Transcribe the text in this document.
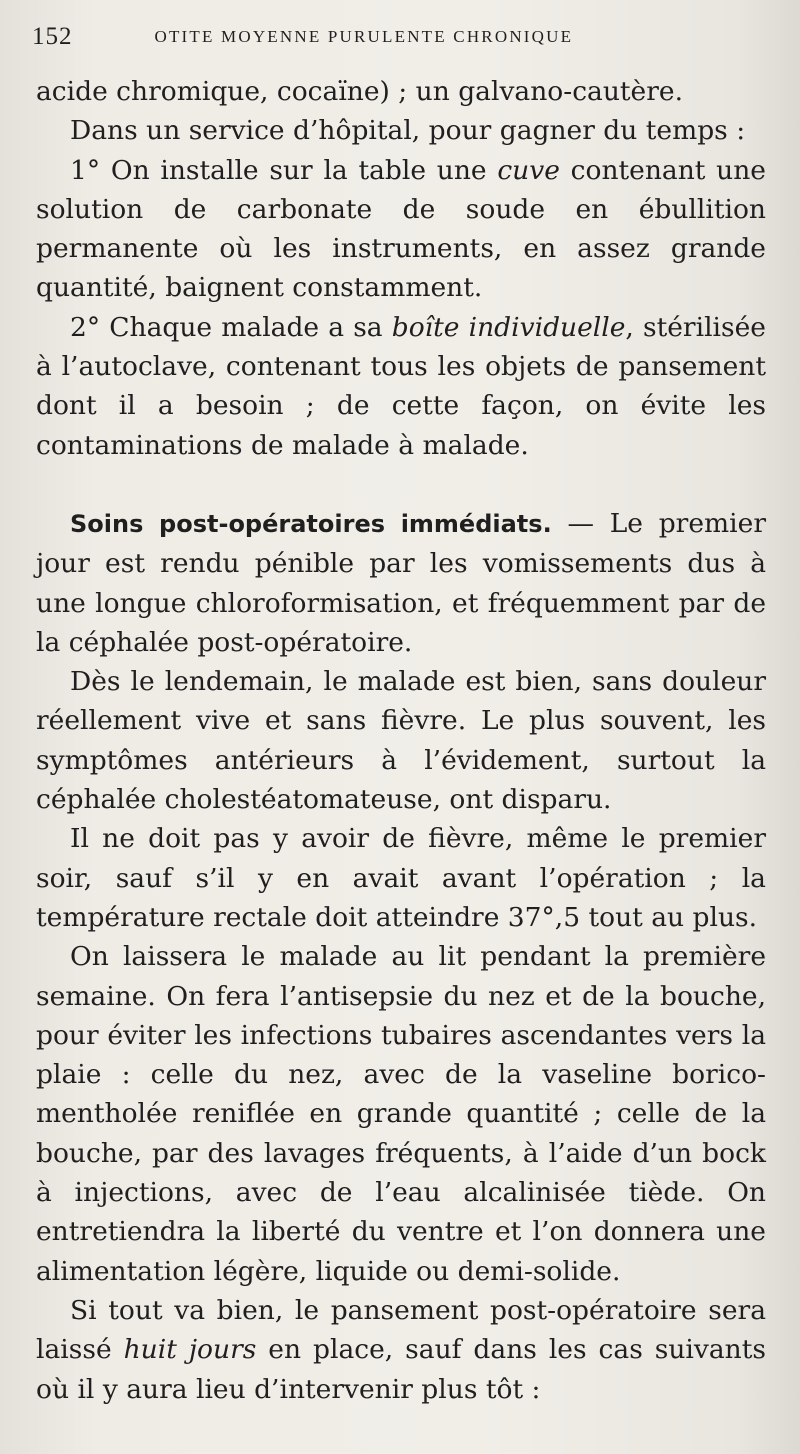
152	OTITE MOYENNE PURULENTE CHRONIQUE

acide chromique, cocaïne) ; un galvano-cautère.

Dans un service d’hôpital, pour gagner du temps :

1° On installe sur la table une cuve contenant une solution de carbonate de soude en ébullition permanente où les instruments, en assez grande quantité, baignent constamment.

2° Chaque malade a sa boîte individuelle, stérilisée à l’autoclave, contenant tous les objets de pansement dont il a besoin ; de cette façon, on évite les contaminations de malade à malade.

Soins post-opératoires immédiats. — Le premier jour est rendu pénible par les vomissements dus à une longue chloroformisation, et fréquemment par de la céphalée post-opératoire.

Dès le lendemain, le malade est bien, sans douleur réellement vive et sans fièvre. Le plus souvent, les symptômes antérieurs à l’évidement, surtout la céphalée cholestéatomateuse, ont disparu.

Il ne doit pas y avoir de fièvre, même le premier soir, sauf s’il y en avait avant l’opération ; la température rectale doit atteindre 37°,5 tout au plus.

On laissera le malade au lit pendant la première semaine. On fera l’antisepsie du nez et de la bouche, pour éviter les infections tubaires ascendantes vers la plaie : celle du nez, avec de la vaseline borico-mentholée reniflée en grande quantité ; celle de la bouche, par des lavages fréquents, à l’aide d’un bock à injections, avec de l’eau alcalinisée tiède. On entretiendra la liberté du ventre et l’on donnera une alimentation légère, liquide ou demi-solide.

Si tout va bien, le pansement post-opératoire sera laissé huit jours en place, sauf dans les cas suivants où il y aura lieu d’intervenir plus tôt :
